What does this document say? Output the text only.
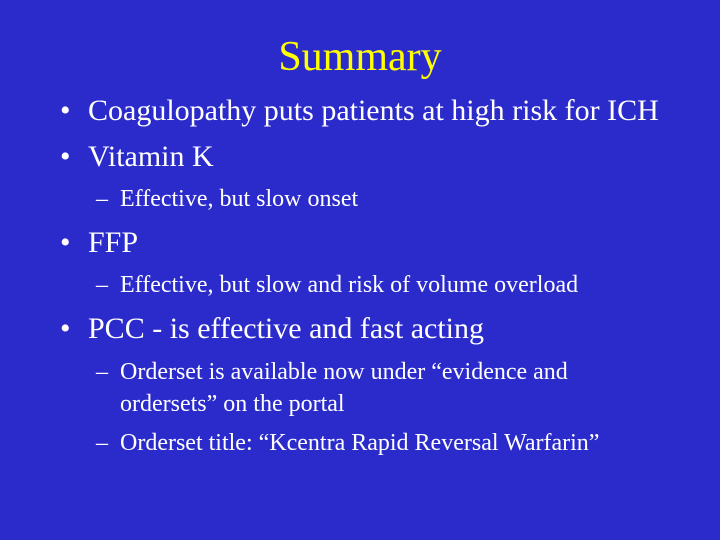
Summary
• Coagulopathy puts patients at high risk for ICH
• Vitamin K
– Effective, but slow onset
• FFP
– Effective, but slow and risk of volume overload
• PCC - is effective and fast acting
– Orderset is available now under “evidence and
ordersets” on the portal
– Orderset title: “Kcentra Rapid Reversal Warfarin”
